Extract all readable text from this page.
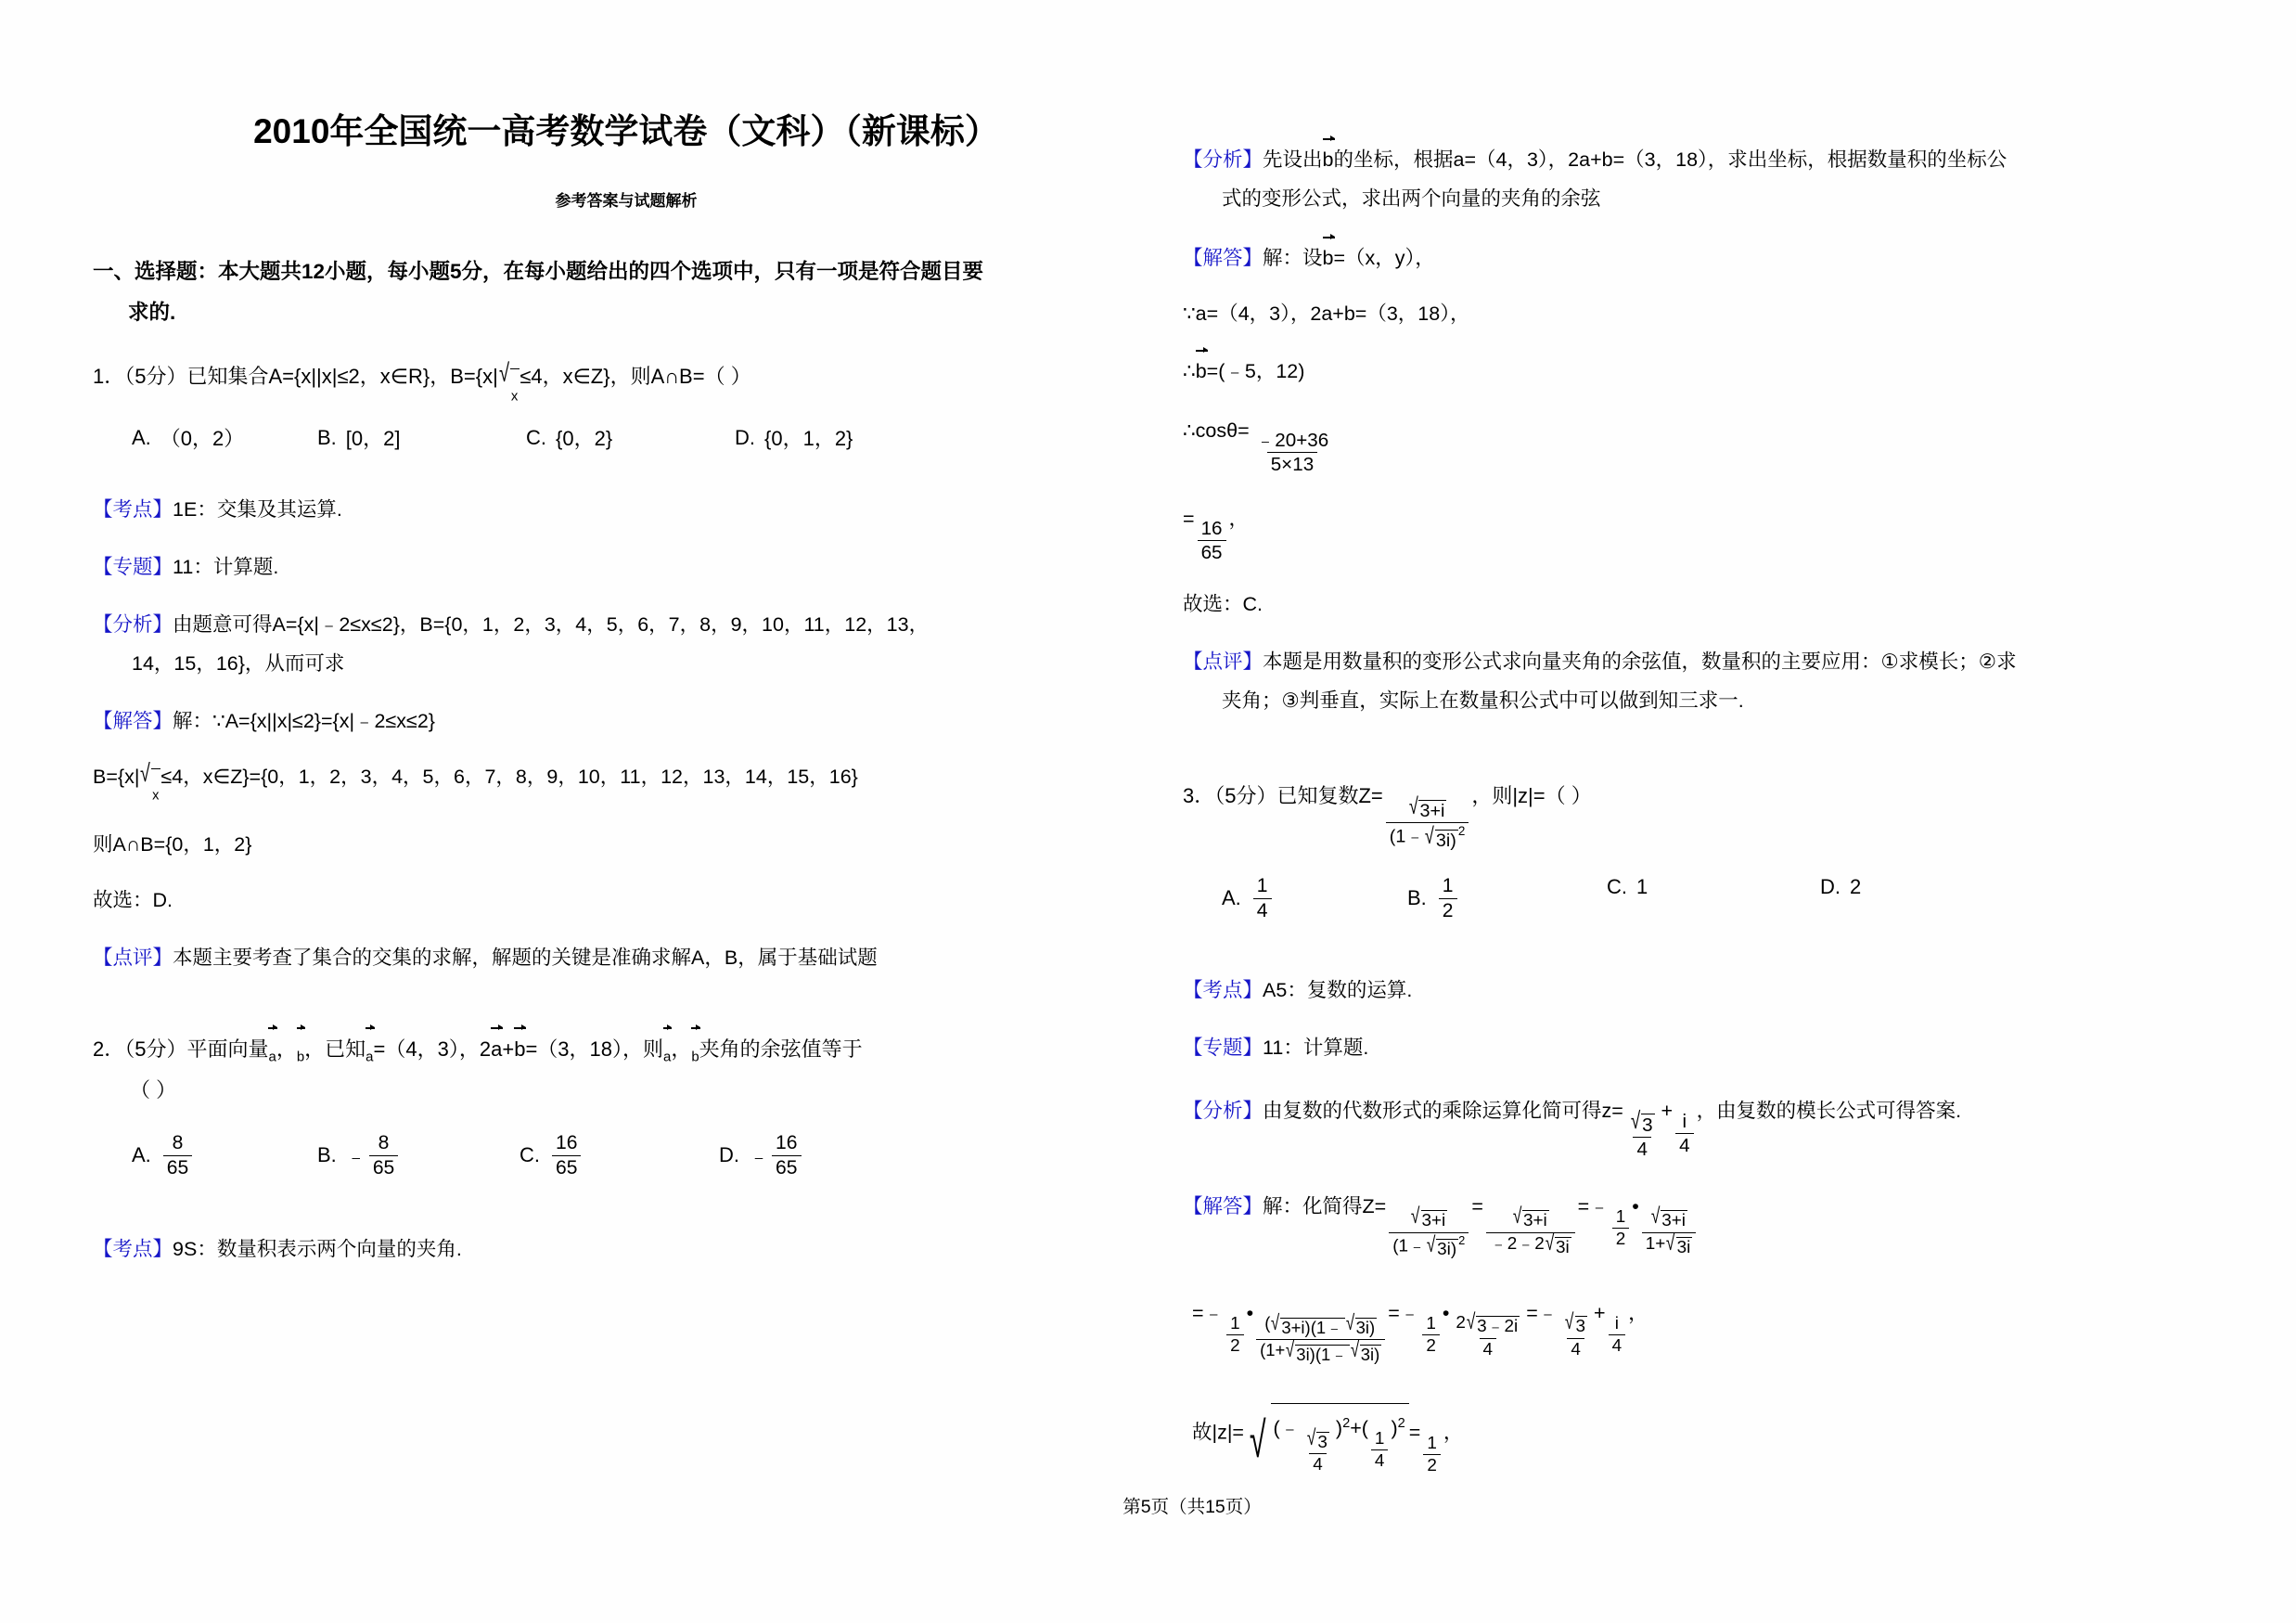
2010年全国统一高考数学试卷（文科）（新课标）
参考答案与试题解析
一、选择题：本大题共12小题，每小题5分，在每小题给出的四个选项中，只有一项是符合题目要
求的.
1．（5分）已知集合A={x||x|≤2，x∈R}，B={x| √
$_x$
≤4，x∈Z}，则A∩B=（ ）
A. （0，2）	B. [0，2]	C. {0，2}	D. {0，1，2}
【考点】1E：交集及其运算.
【专题】11：计算题.
【分析】由题意可得A={x|﹣2≤x≤2}，B={0，1，2，3，4，5，6，7，8，9，10，11，12，13，
14，15，16}，从而可求
【解答】解：∵A={x||x|≤2}={x|﹣2≤x≤2}
B={x| √
$_x$
≤4，x∈Z}={0，1，2，3，4，5，6，7，8，9，10，11，12，13，14，15，16}
则A∩B={0，1，2}
故选：D.
【点评】本题主要考查了集合的交集的求解，解题的关键是准确求解A，B，属于基础试题
2．（5分）平面向量$_a$，$_b$，已知$_a$=（4，3），2a+b=（3，18），则$_a$，$_b$夹角的余弦值等于
（ ）
A. $\frac{8}{65}$	B. ﹣ $\frac{8}{65}$	C. $\frac{16}{65}$	D. ﹣ $\frac{16}{65}$
【考点】9S：数量积表示两个向量的夹角.
【分析】先设出b的坐标，根据a=（4，3），2a+b=（3，18），求出坐标，根据数量积的坐标公
式的变形公式，求出两个向量的夹角的余弦
【解答】解：设b=（x，y），
∵a=（4，3），2a+b=（3，18），
∴b=(﹣5，12)
∴cosθ= $\frac{﹣20+36}{5\times 13}$
= $\frac{16}{65}$ ，
故选：C.
【点评】本题是用数量积的变形公式求向量夹角的余弦值，数量积的主要应用：①求模长；②求
夹角；③判垂直，实际上在数量积公式中可以做到知三求一.
3．（5分）已知复数Z=
$\frac{√ 3+i}{(1﹣ √ 3i) ^2}$
，则|z|=（ ）
A. $\frac{1}{4}$	B. $\frac{1}{2}$	C. 1	D. 2
【考点】A5：复数的运算.
【专题】11：计算题.
【分析】由复数的代数形式的乘除运算化简可得$z= \frac{√ 3}{4} + \frac{i}{4}$ ，由复数的模长公式可得答案.
【解答】解：化简得Z=
$\frac{√ 3+i}{(1﹣ √ 3i) ^2}$
=
$\frac{√ 3+i}{﹣2﹣2 √ 3i}$
=﹣
$\frac{1}{2}$
•
$\frac{√ 3+i}{1+ √ 3i}$
=﹣
$\frac{1}{2}$
•
$\frac{( √ 3+i)(1﹣ √ 3i)}{(1+ √ 3i)(1﹣ √ 3i)}$
=﹣
$\frac{1}{2}$
•
$\frac{2 √ 3﹣2i}{4}$
=﹣
$\frac{√ 3}{4}$
+
$\frac{i}{4}$
，
故|z|= √ (﹣
$\frac{√ 3}{4}$
)$^2$+(
$\frac{1}{4}$
)$^2$ =
$\frac{1}{2}$
，
第5页（共15页）
